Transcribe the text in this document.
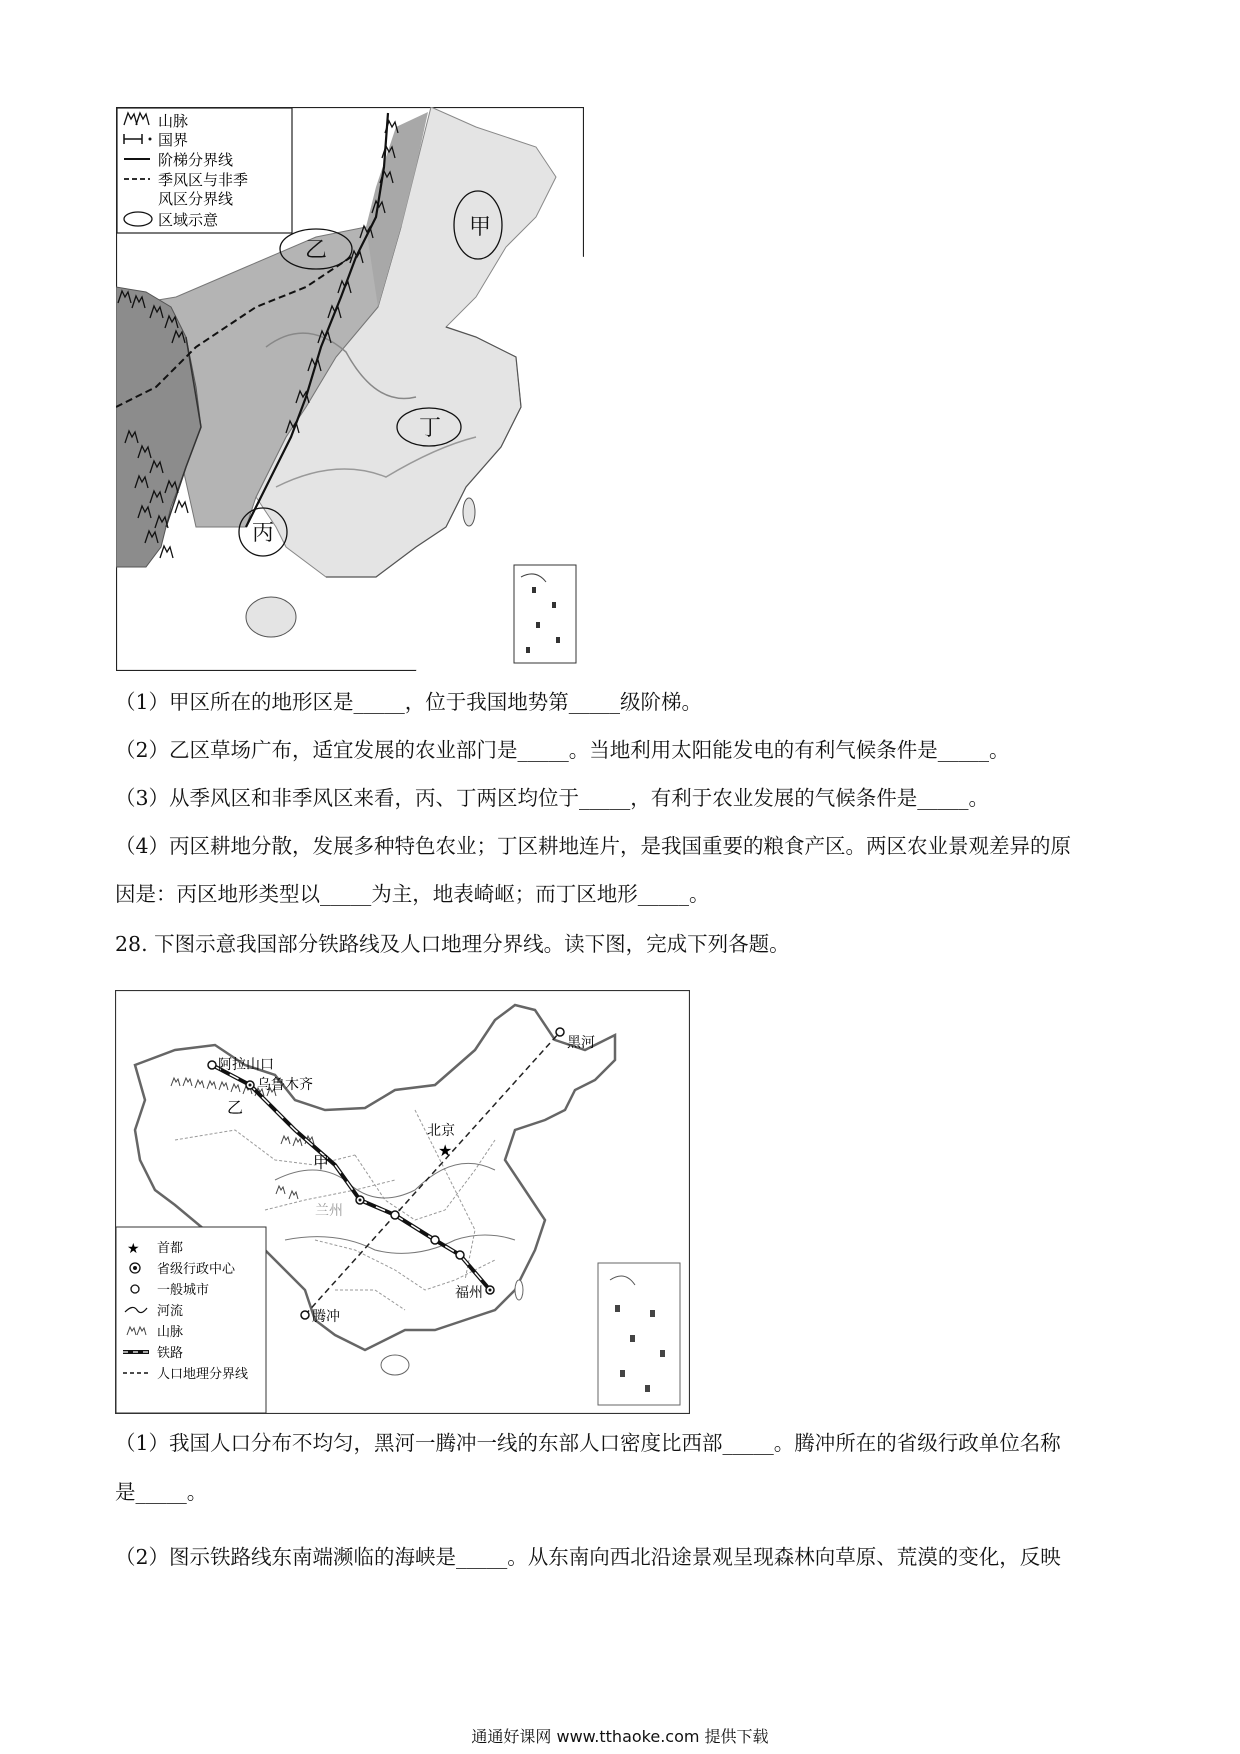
甲
乙
丁
丙
山脉
国界
阶梯分界线
季风区与非季
风区分界线
区域示意
（1）甲区所在的地形区是_____，位于我国地势第_____级阶梯。
（2）乙区草场广布，适宜发展的农业部门是_____。当地利用太阳能发电的有利气候条件是_____。
（3）从季风区和非季风区来看，丙、丁两区均位于_____，有利于农业发展的气候条件是_____。
（4）丙区耕地分散，发展多种特色农业；丁区耕地连片，是我国重要的粮食产区。两区农业景观差异的原
因是：丙区地形类型以_____为主，地表崎岖；而丁区地形_____。
28. 下图示意我国部分铁路线及人口地理分界线。读下图，完成下列各题。
阿拉山口
乌鲁木齐
黑河
★
北京
兰州
福州
腾冲
乙
甲
★ 首都
省级行政中心
一般城市
河流
山脉
铁路
人口地理分界线
（1）我国人口分布不均匀，黑河一腾冲一线的东部人口密度比西部_____。腾冲所在的省级行政单位名称
是_____。
（2）图示铁路线东南端濒临的海峡是_____。从东南向西北沿途景观呈现森林向草原、荒漠的变化，反映
通通好课网 www.tthaoke.com 提供下载
